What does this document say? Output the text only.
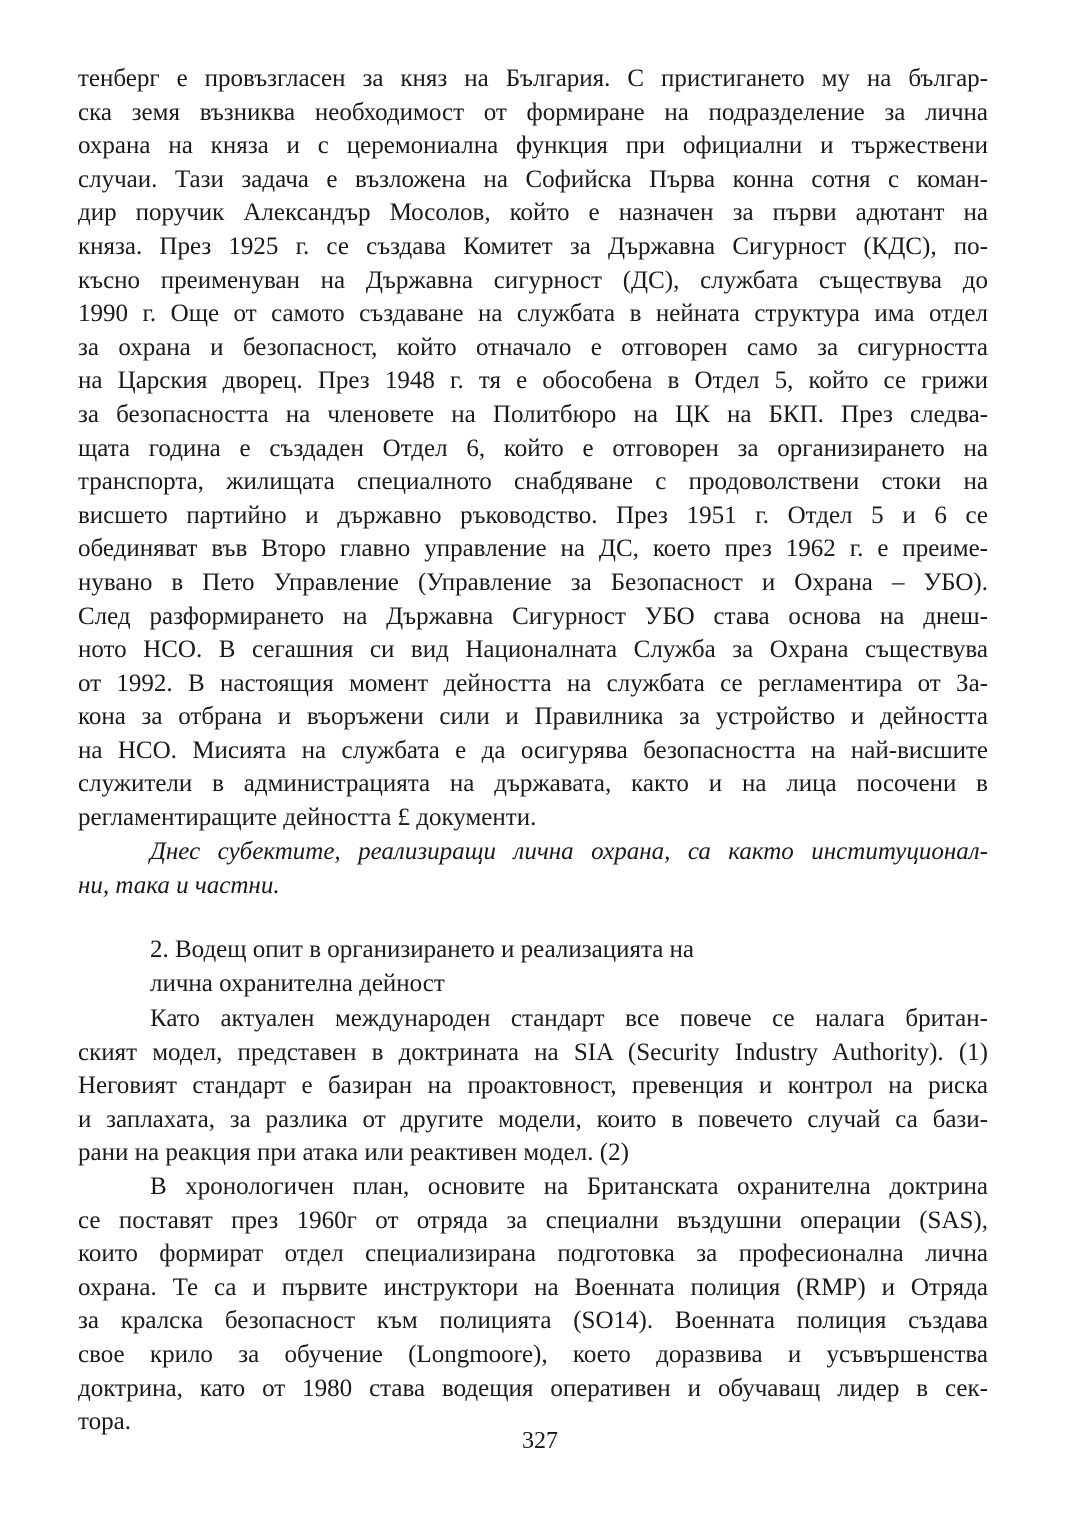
тенберг е провъзгласен за княз на България. С пристигането му на българ-
ска земя възниква необходимост от формиране на подразделение за лична
охрана на княза и с церемониална функция при официални и тържествени
случаи. Тази задача е възложена на Софийска Първа конна сотня с коман-
дир поручик Александър Мосолов, който е назначен за първи адютант на
княза. През 1925 г. се създава Комитет за Държавна Сигурност (КДС), по-
късно преименуван на Държавна сигурност (ДС), службата съществува до
1990 г. Още от самото създаване на службата в нейната структура има отдел
за охрана и безопасност, който отначало е отговорен само за сигурността
на Царския дворец. През 1948 г. тя е обособена в Отдел 5, който се грижи
за безопасността на членовете на Политбюро на ЦК на БКП. През следва-
щата година е създаден Отдел 6, който е отговорен за организирането на
транспорта, жилищата специалното снабдяване с продоволствени стоки на
висшето партийно и държавно ръководство. През 1951 г. Отдел 5 и 6 се
обединяват във Второ главно управление на ДС, което през 1962 г. е преиме-
нувано в Пето Управление (Управление за Безопасност и Охрана – УБО).
След разформирането на Държавна Сигурност УБО става основа на днеш-
ното НСО. В сегашния си вид Националната Служба за Охрана съществува
от 1992. В настоящия момент дейността на службата се регламентира от За-
кона за отбрана и въоръжени сили и Правилника за устройство и дейността
на НСО. Мисията на службата е да осигурява безопасността на най-висшите
служители в администрацията на държавата, както и на лица посочени в
регламентиращите дейността £ документи.
Днес субектите, реализиращи лична охрана, са както институционал-
ни, така и частни.
2. Водещ опит в организирането и реализацията на
лична охранителна дейност
Като актуален международен стандарт все повече се налага британ-
ският модел, представен в доктрината на SIA (Security Industry Authority). (1)
Неговият стандарт е базиран на проактовност, превенция и контрол на риска
и заплахата, за разлика от другите модели, които в повечето случай са бази-
рани на реакция при атака или реактивен модел. (2)
В хронологичен план, основите на Британската охранителна доктрина
се поставят през 1960г от отряда за специални въздушни операции (SAS),
които формират отдел специализирана подготовка за професионална лична
охрана. Те са и първите инструктори на Военната полиция (RMP) и Отряда
за кралска безопасност към полицията (SO14). Военната полиция създава
свое крило за обучение (Longmoore), което доразвива и усъвършенства
доктрина, като от 1980 става водещия оперативен и обучаващ лидер в сек-
тора.
327
